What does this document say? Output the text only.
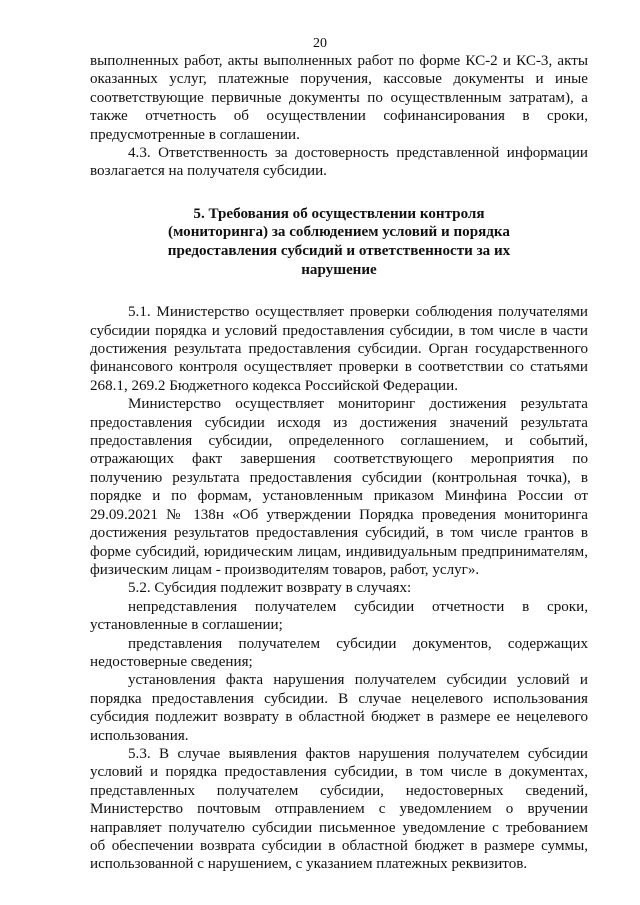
20

выполненных работ, акты выполненных работ по форме КС-2 и КС-3, акты оказанных услуг, платежные поручения, кассовые документы и иные соответствующие первичные документы по осуществленным затратам), а также отчетность об осуществлении софинансирования в сроки, предусмотренные в соглашении.

4.3. Ответственность за достоверность представленной информации возлагается на получателя субсидии.

5. Требования об осуществлении контроля (мониторинга) за соблюдением условий и порядка предоставления субсидий и ответственности за их нарушение

5.1. Министерство осуществляет проверки соблюдения получателями субсидии порядка и условий предоставления субсидии, в том числе в части достижения результата предоставления субсидии. Орган государственного финансового контроля осуществляет проверки в соответствии со статьями 268.1, 269.2 Бюджетного кодекса Российской Федерации.

Министерство осуществляет мониторинг достижения результата предоставления субсидии исходя из достижения значений результата предоставления субсидии, определенного соглашением, и событий, отражающих факт завершения соответствующего мероприятия по получению результата предоставления субсидии (контрольная точка), в порядке и по формам, установленным приказом Минфина России от 29.09.2021 № 138н «Об утверждении Порядка проведения мониторинга достижения результатов предоставления субсидий, в том числе грантов в форме субсидий, юридическим лицам, индивидуальным предпринимателям, физическим лицам - производителям товаров, работ, услуг».

5.2. Субсидия подлежит возврату в случаях:

непредставления получателем субсидии отчетности в сроки, установленные в соглашении;

представления получателем субсидии документов, содержащих недостоверные сведения;

установления факта нарушения получателем субсидии условий и порядка предоставления субсидии. В случае нецелевого использования субсидия подлежит возврату в областной бюджет в размере ее нецелевого использования.

5.3. В случае выявления фактов нарушения получателем субсидии условий и порядка предоставления субсидии, в том числе в документах, представленных получателем субсидии, недостоверных сведений, Министерство почтовым отправлением с уведомлением о вручении направляет получателю субсидии письменное уведомление с требованием об обеспечении возврата субсидии в областной бюджет в размере суммы, использованной с нарушением, с указанием платежных реквизитов.
